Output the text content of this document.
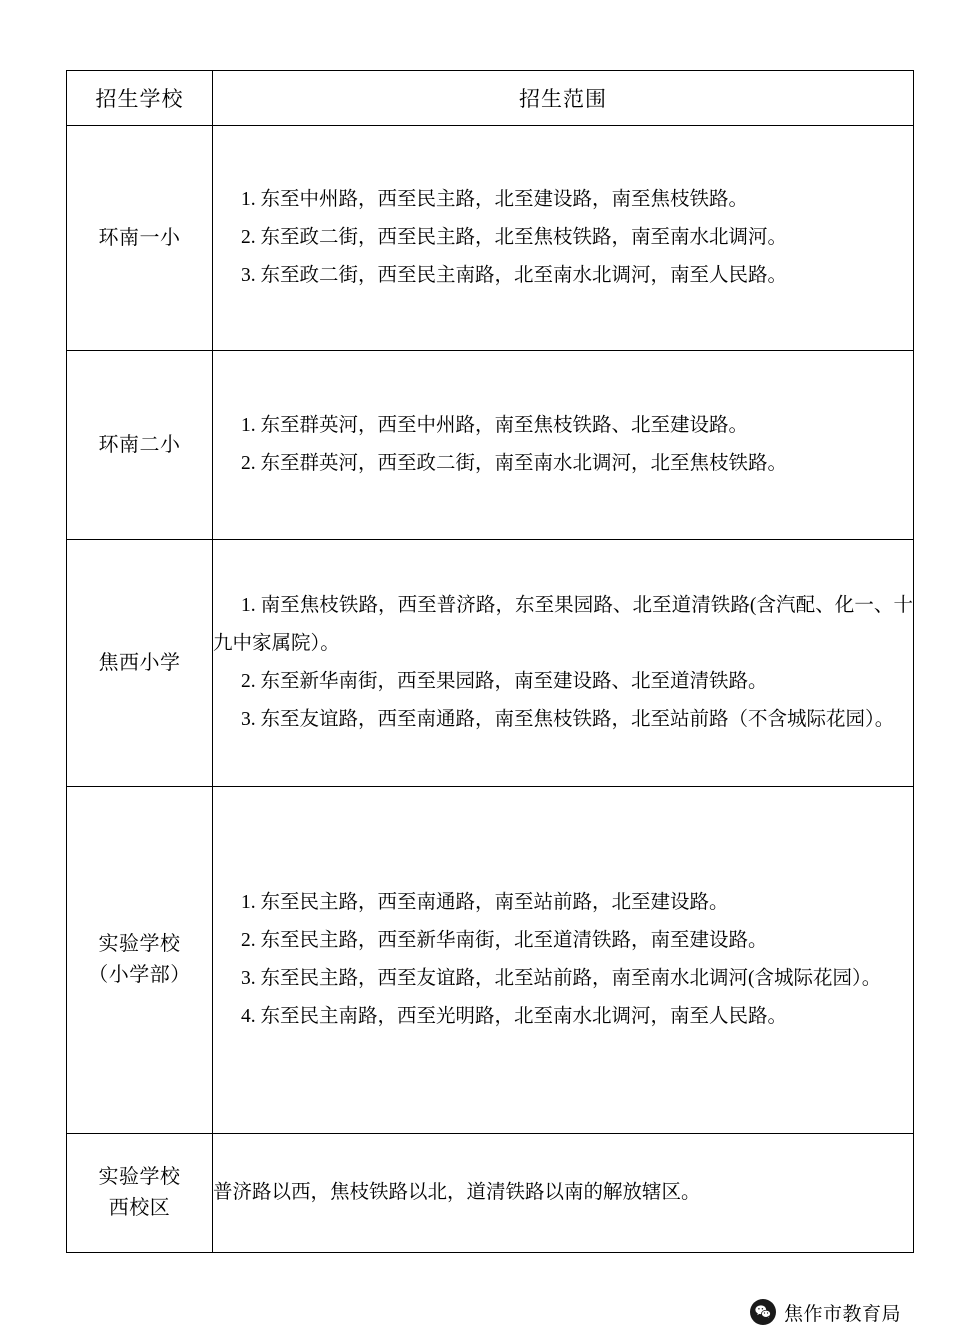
招生学校	招生范围

环南一小	1. 东至中州路，西至民主路，北至建设路，南至焦枝铁路。
2. 东至政二街，西至民主路，北至焦枝铁路，南至南水北调河。
3. 东至政二街，西至民主南路，北至南水北调河，南至人民路。

环南二小	1. 东至群英河，西至中州路，南至焦枝铁路、北至建设路。
2. 东至群英河，西至政二街，南至南水北调河，北至焦枝铁路。

焦西小学	1. 南至焦枝铁路，西至普济路，东至果园路、北至道清铁路(含汽配、化一、十九中家属院）。
2. 东至新华南街，西至果园路，南至建设路、北至道清铁路。
3. 东至友谊路，西至南通路，南至焦枝铁路，北至站前路（不含城际花园）。

实验学校
（小学部）	1. 东至民主路，西至南通路，南至站前路，北至建设路。
2. 东至民主路，西至新华南街，北至道清铁路，南至建设路。
3. 东至民主路，西至友谊路，北至站前路，南至南水北调河(含城际花园）。
4. 东至民主南路，西至光明路，北至南水北调河，南至人民路。

实验学校
西校区	普济路以西，焦枝铁路以北，道清铁路以南的解放辖区。
焦作市教育局
